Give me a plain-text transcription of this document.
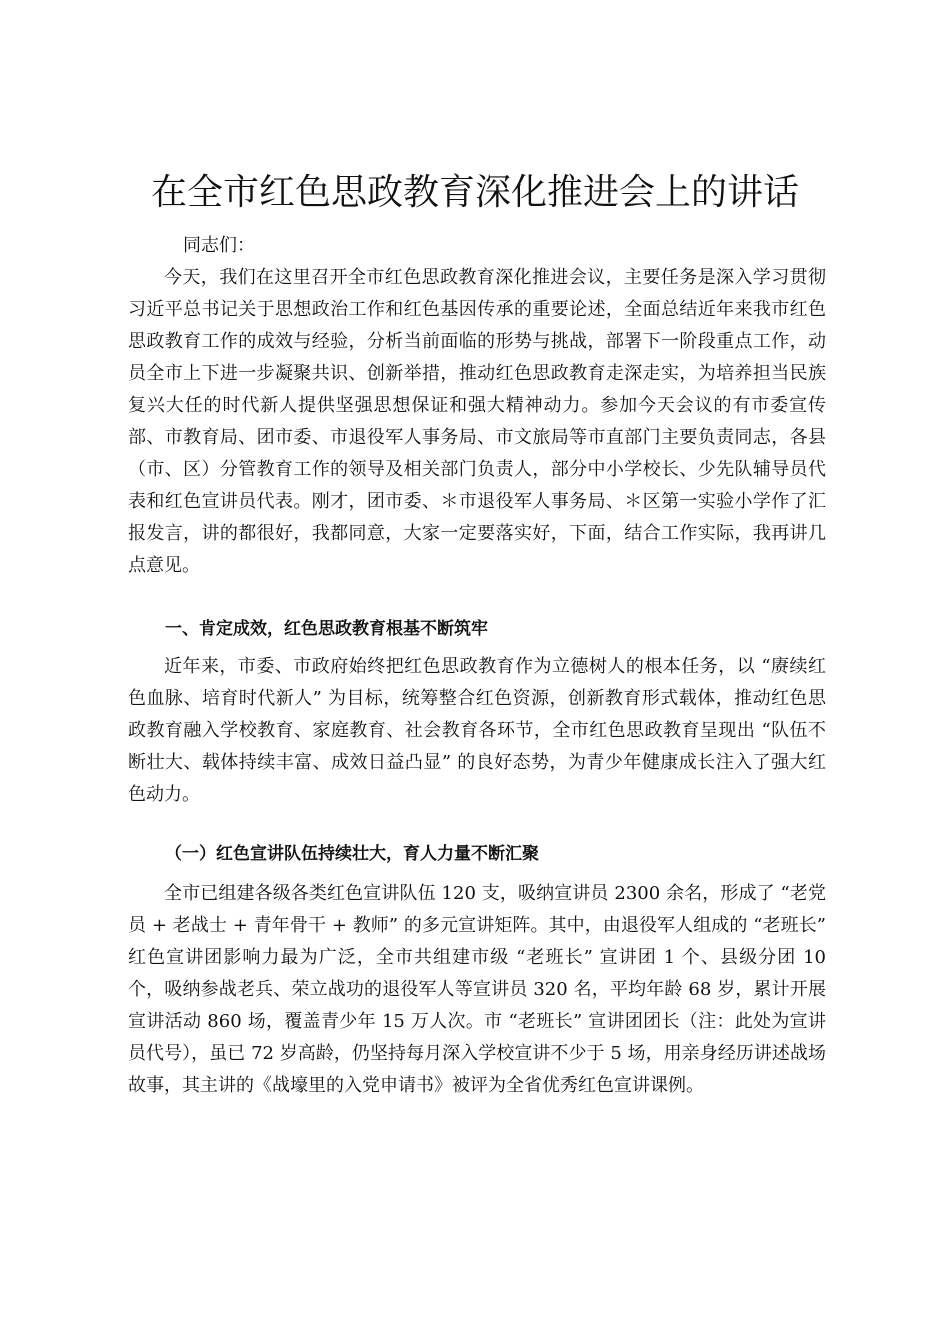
在全市红色思政教育深化推进会上的讲话

同志们：

今天，我们在这里召开全市红色思政教育深化推进会议，主要任务是深入学习贯彻习近平总书记关于思想政治工作和红色基因传承的重要论述，全面总结近年来我市红色思政教育工作的成效与经验，分析当前面临的形势与挑战，部署下一阶段重点工作，动员全市上下进一步凝聚共识、创新举措，推动红色思政教育走深走实，为培养担当民族复兴大任的时代新人提供坚强思想保证和强大精神动力。参加今天会议的有市委宣传部、市教育局、团市委、市退役军人事务局、市文旅局等市直部门主要负责同志，各县（市、区）分管教育工作的领导及相关部门负责人，部分中小学校长、少先队辅导员代表和红色宣讲员代表。刚才，团市委、＊市退役军人事务局、＊区第一实验小学作了汇报发言，讲的都很好，我都同意，大家一定要落实好，下面，结合工作实际，我再讲几点意见。

一、肯定成效，红色思政教育根基不断筑牢

近年来，市委、市政府始终把红色思政教育作为立德树人的根本任务，以 “赓续红色血脉、培育时代新人” 为目标，统筹整合红色资源，创新教育形式载体，推动红色思政教育融入学校教育、家庭教育、社会教育各环节，全市红色思政教育呈现出 “队伍不断壮大、载体持续丰富、成效日益凸显” 的良好态势，为青少年健康成长注入了强大红色动力。

（一）红色宣讲队伍持续壮大，育人力量不断汇聚

全市已组建各级各类红色宣讲队伍 120 支，吸纳宣讲员 2300 余名，形成了 “老党员 + 老战士 + 青年骨干 + 教师” 的多元宣讲矩阵。其中，由退役军人组成的 “老班长” 红色宣讲团影响力最为广泛，全市共组建市级 “老班长” 宣讲团 1 个、县级分团 10 个，吸纳参战老兵、荣立战功的退役军人等宣讲员 320 名，平均年龄 68 岁，累计开展宣讲活动 860 场，覆盖青少年 15 万人次。市 “老班长” 宣讲团团长（注：此处为宣讲员代号），虽已 72 岁高龄，仍坚持每月深入学校宣讲不少于 5 场，用亲身经历讲述战场故事，其主讲的《战壕里的入党申请书》被评为全省优秀红色宣讲课例。
